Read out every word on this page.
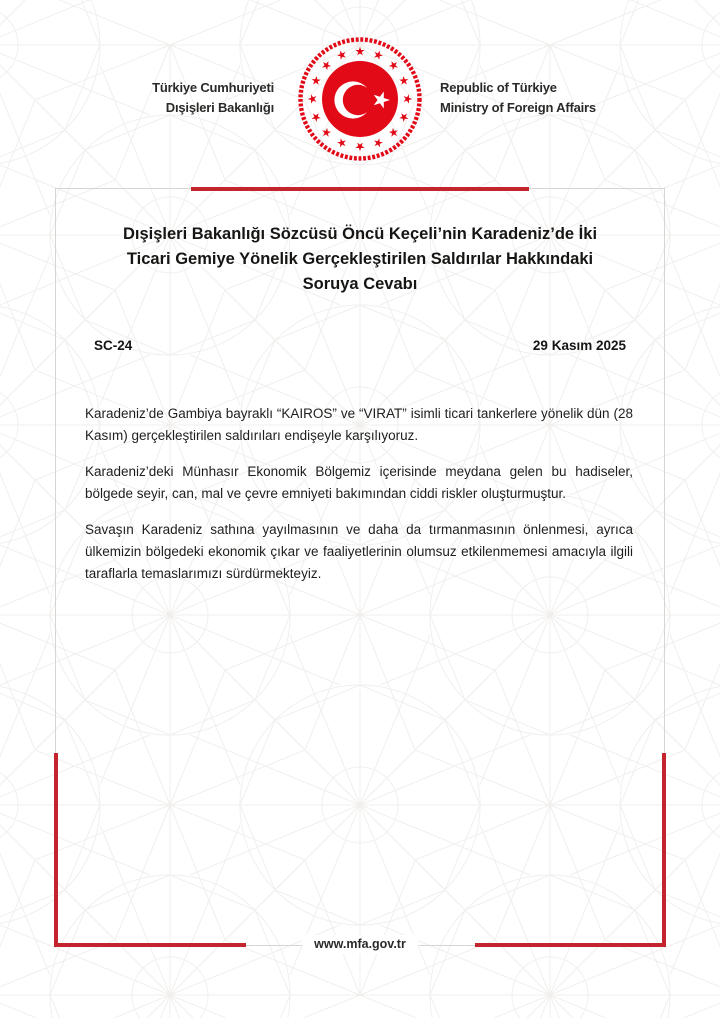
Türkiye Cumhuriyeti
Dışişleri Bakanlığı
Republic of Türkiye
Ministry of Foreign Affairs
Dışişleri Bakanlığı Sözcüsü Öncü Keçeli’nin Karadeniz’de İki
Ticari Gemiye Yönelik Gerçekleştirilen Saldırılar Hakkındaki
Soruya Cevabı
SC-24	29 Kasım 2025

Karadeniz’de Gambiya bayraklı “KAIROS” ve “VIRAT” isimli ticari tankerlere yönelik dün (28 Kasım) gerçekleştirilen saldırıları endişeyle karşılıyoruz.

Karadeniz’deki Münhasır Ekonomik Bölgemiz içerisinde meydana gelen bu hadiseler, bölgede seyir, can, mal ve çevre emniyeti bakımından ciddi riskler oluşturmuştur.

Savaşın Karadeniz sathına yayılmasının ve daha da tırmanmasının önlenmesi, ayrıca ülkemizin bölgedeki ekonomik çıkar ve faaliyetlerinin olumsuz etkilenmemesi amacıyla ilgili taraflarla temaslarımızı sürdürmekteyiz.

www.mfa.gov.tr
